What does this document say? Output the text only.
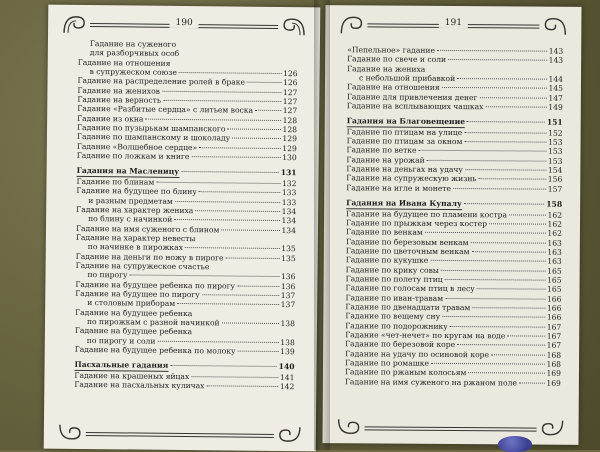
190
Гадание на суженого
для разборчивых особ
Гадание на отношения
в супружеском союзе	126
Гадание на распределение ролей в браке	126
Гадание на женихов	127
Гадание на верность	127
Гадание «Разбитые сердца» с литьем воска	127
Гадание из окна	128
Гадание по пузырькам шампанского	128
Гадание по шампанскому и шоколаду	129
Гадание «Волшебное сердце»	129
Гадание по ложкам и книге	130
Гадания на Масленицу	131
Гадание по блинам	132
Гадание на будущее по блину	133
и разным предметам	133
Гадание на характер жениха	134
по блину с начинкой	134
Гадание на имя суженого с блином	134
Гадание на характер невесты
по начинке в пирожках	135
Гадание на деньги по ножу в пироге	135
Гадание на супружеское счастье
по пирогу	136
Гадание на будущее ребенка по пирогу	136
Гадание на будущее по пирогу	137
и столовым приборам	137
Гадание на будущее ребенка
по пирожкам с разной начинкой	138
Гадание на будущее ребенка
по пирогу и соли	138
Гадание на будущее ребенка по молоку	139
Пасхальные гадания	140
Гадание на крашеных яйцах	141
Гадание на пасхальных куличах	142
191
«Пепельное» гадание	143
Гадание по свече и соли	143
Гадание на жениха
с небольшой прибавкой	144
Гадание на отношения	145
Гадание для привлечения денег	147
Гадание на всплывающих чашках	149
Гадания на Благовещение	151
Гадание по птицам на улице	152
Гадание по птицам за окном	153
Гадание по ветке	153
Гадание на урожай	153
Гадание на деньгах на удачу	154
Гадание на супружескую жизнь	156
Гадание на игле и монете	157
Гадания на Ивана Купалу	158
Гадание на будущее по пламени костра	162
Гадание по прыжкам через костер	162
Гадание по венкам	162
Гадание по березовым венкам	163
Гадание по цветочным венкам	163
Гадание по кукушке	163
Гадание по крику совы	165
Гадание по полету птиц	165
Гадание по голосам птиц в лесу	165
Гадание по иван-травам	166
Гадание по двенадцати травам	166
Гадание по вещему сну	166
Гадание по подорожнику	167
Гадание «чет-нечет» по кругам на воде	167
Гадание по березовой коре	167
Гадание на удачу по осиновой коре	168
Гадание по ромашке	168
Гадание по ржаным колосьям	169
Гадание на имя суженого на ржаном поле	169
